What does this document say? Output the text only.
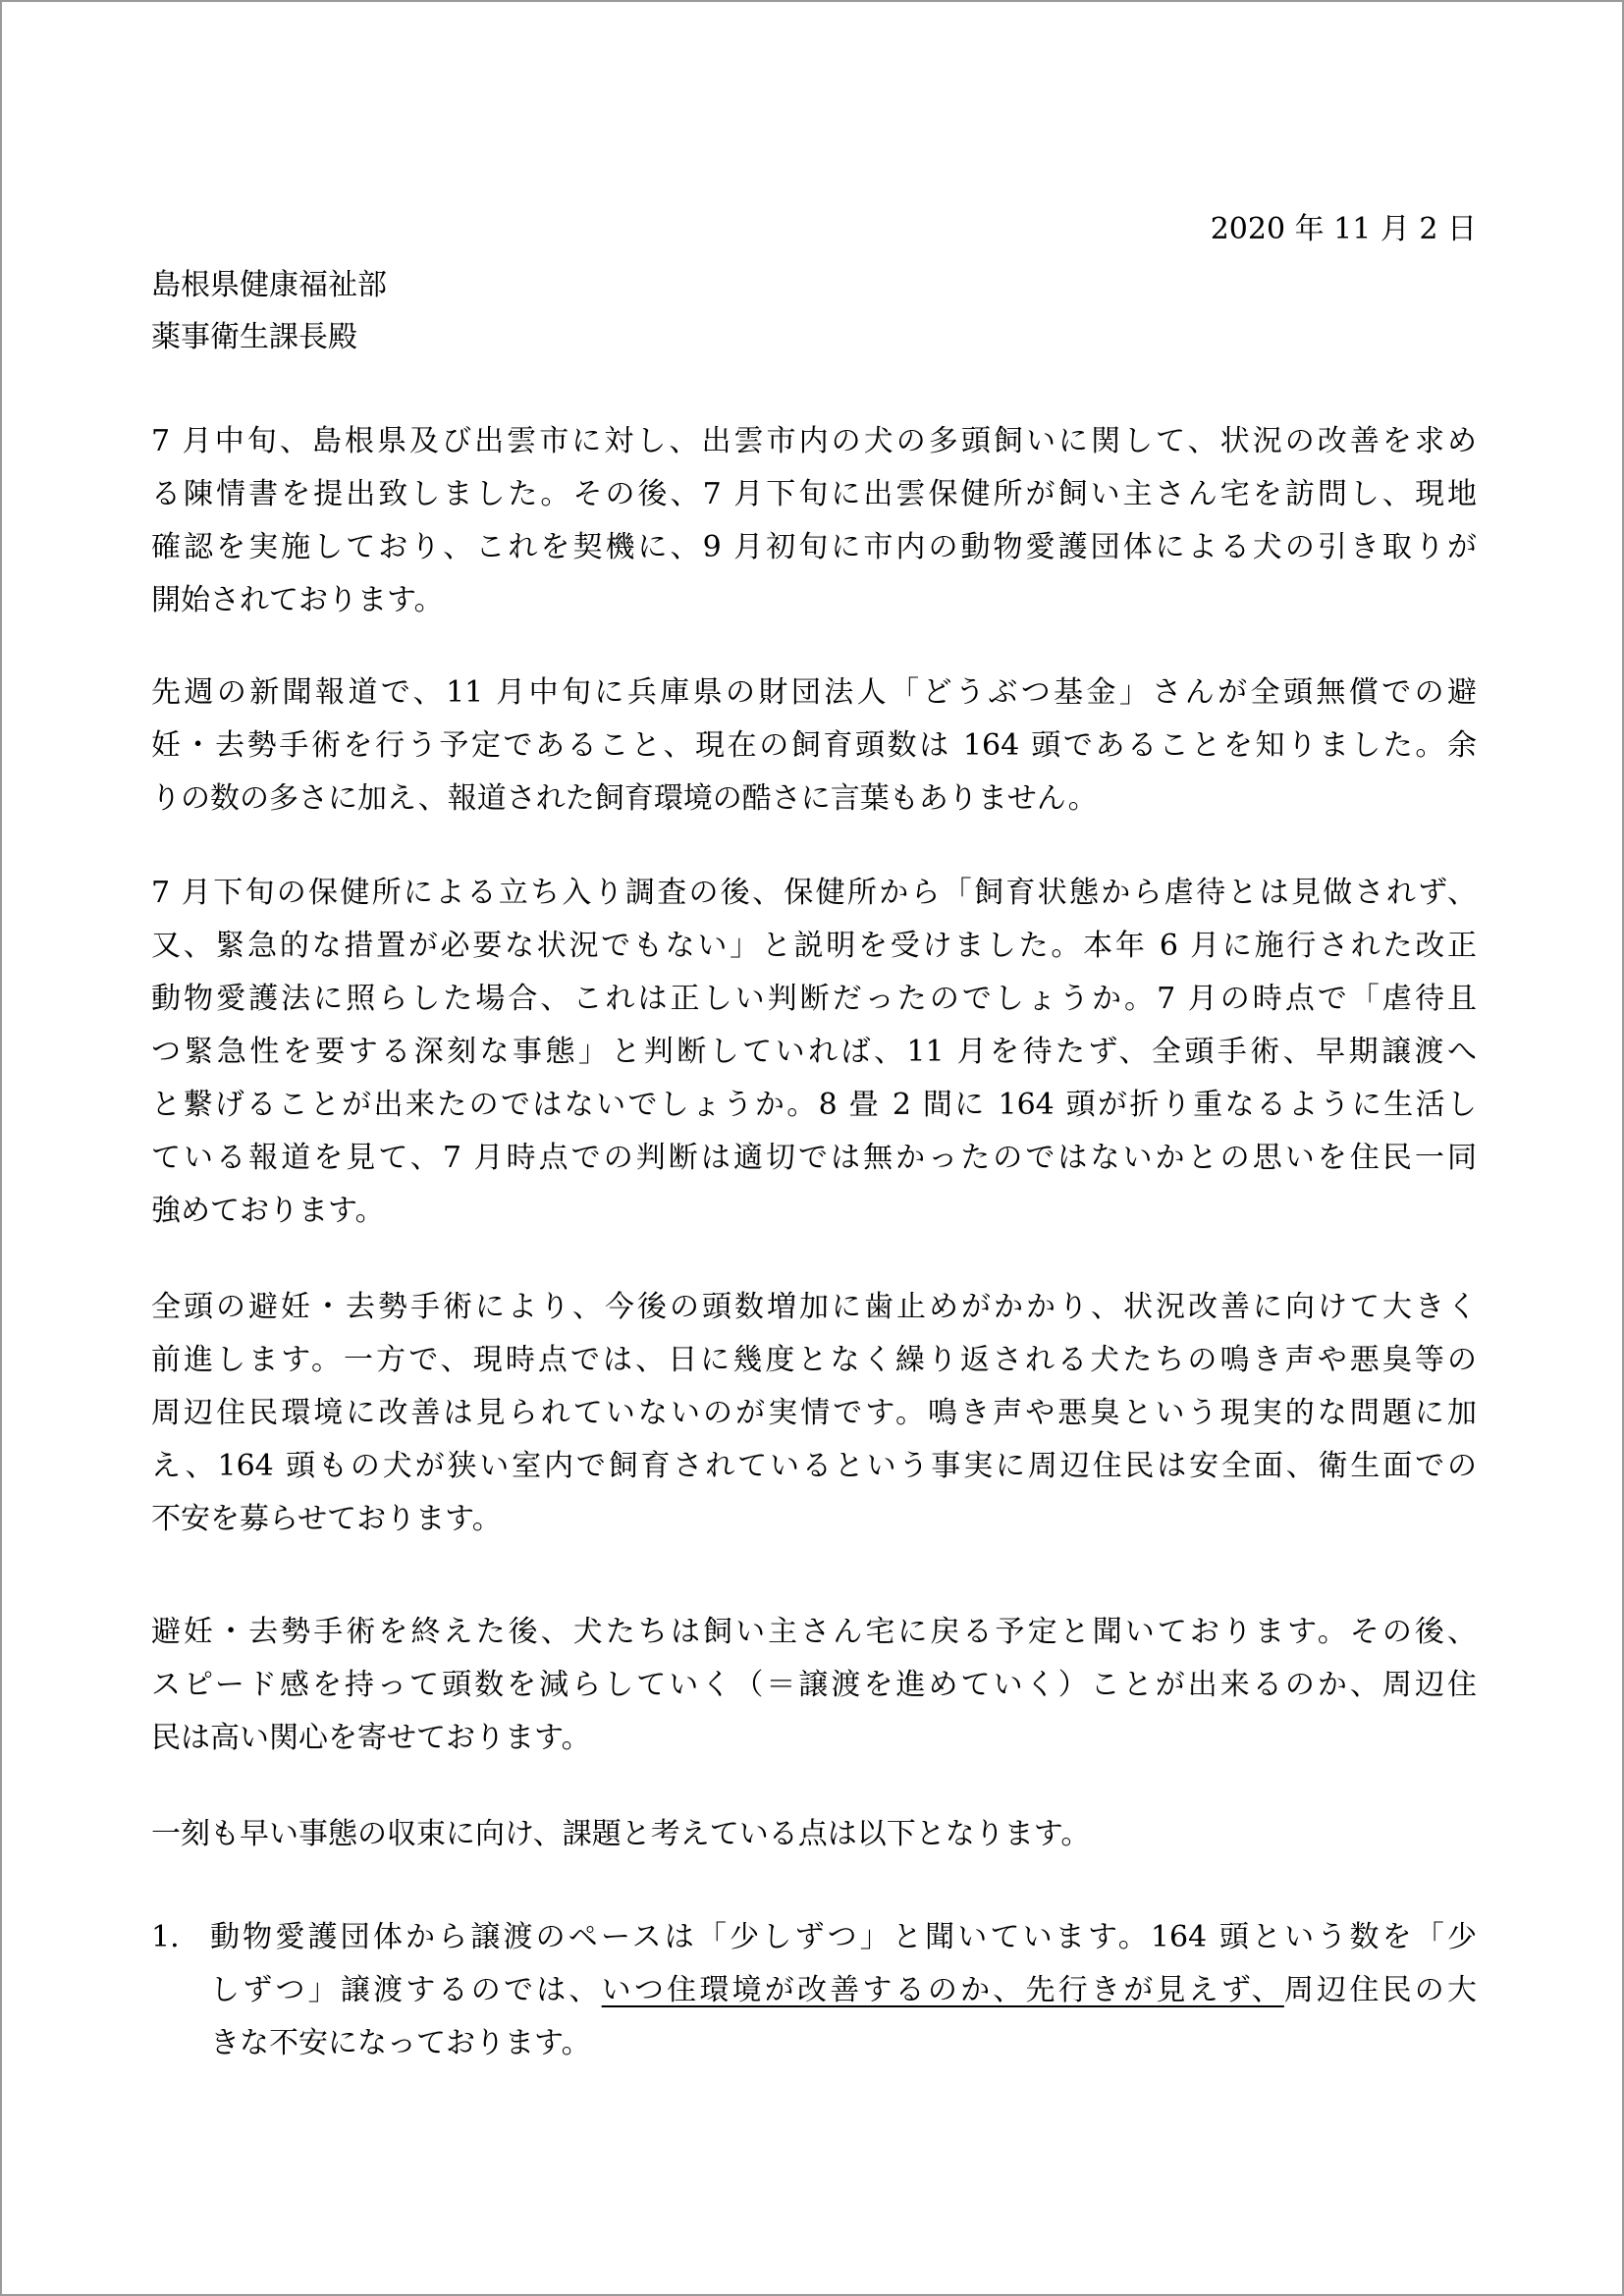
2020 年 11 月 2 日
島根県健康福祉部
薬事衛生課長殿
7 月中旬、島根県及び出雲市に対し、出雲市内の犬の多頭飼いに関して、状況の改善を求め
る陳情書を提出致しました。その後、7 月下旬に出雲保健所が飼い主さん宅を訪問し、現地
確認を実施しており、これを契機に、9 月初旬に市内の動物愛護団体による犬の引き取りが
開始されております。
先週の新聞報道で、11 月中旬に兵庫県の財団法人「どうぶつ基金」さんが全頭無償での避
妊・去勢手術を行う予定であること、現在の飼育頭数は 164 頭であることを知りました。余
りの数の多さに加え、報道された飼育環境の酷さに言葉もありません。
7 月下旬の保健所による立ち入り調査の後、保健所から「飼育状態から虐待とは見做されず、
又、緊急的な措置が必要な状況でもない」と説明を受けました。本年 6 月に施行された改正
動物愛護法に照らした場合、これは正しい判断だったのでしょうか。7 月の時点で「虐待且
つ緊急性を要する深刻な事態」と判断していれば、11 月を待たず、全頭手術、早期譲渡へ
と繋げることが出来たのではないでしょうか。8 畳 2 間に 164 頭が折り重なるように生活し
ている報道を見て、7 月時点での判断は適切では無かったのではないかとの思いを住民一同
強めております。
全頭の避妊・去勢手術により、今後の頭数増加に歯止めがかかり、状況改善に向けて大きく
前進します。一方で、現時点では、日に幾度となく繰り返される犬たちの鳴き声や悪臭等の
周辺住民環境に改善は見られていないのが実情です。鳴き声や悪臭という現実的な問題に加
え、164 頭もの犬が狭い室内で飼育されているという事実に周辺住民は安全面、衛生面での
不安を募らせております。
避妊・去勢手術を終えた後、犬たちは飼い主さん宅に戻る予定と聞いております。その後、
スピード感を持って頭数を減らしていく（＝譲渡を進めていく）ことが出来るのか、周辺住
民は高い関心を寄せております。
一刻も早い事態の収束に向け、課題と考えている点は以下となります。
1.	動物愛護団体から譲渡のペースは「少しずつ」と聞いています。164 頭という数を「少
しずつ」譲渡するのでは、いつ住環境が改善するのか、先行きが見えず、周辺住民の大
きな不安になっております。
